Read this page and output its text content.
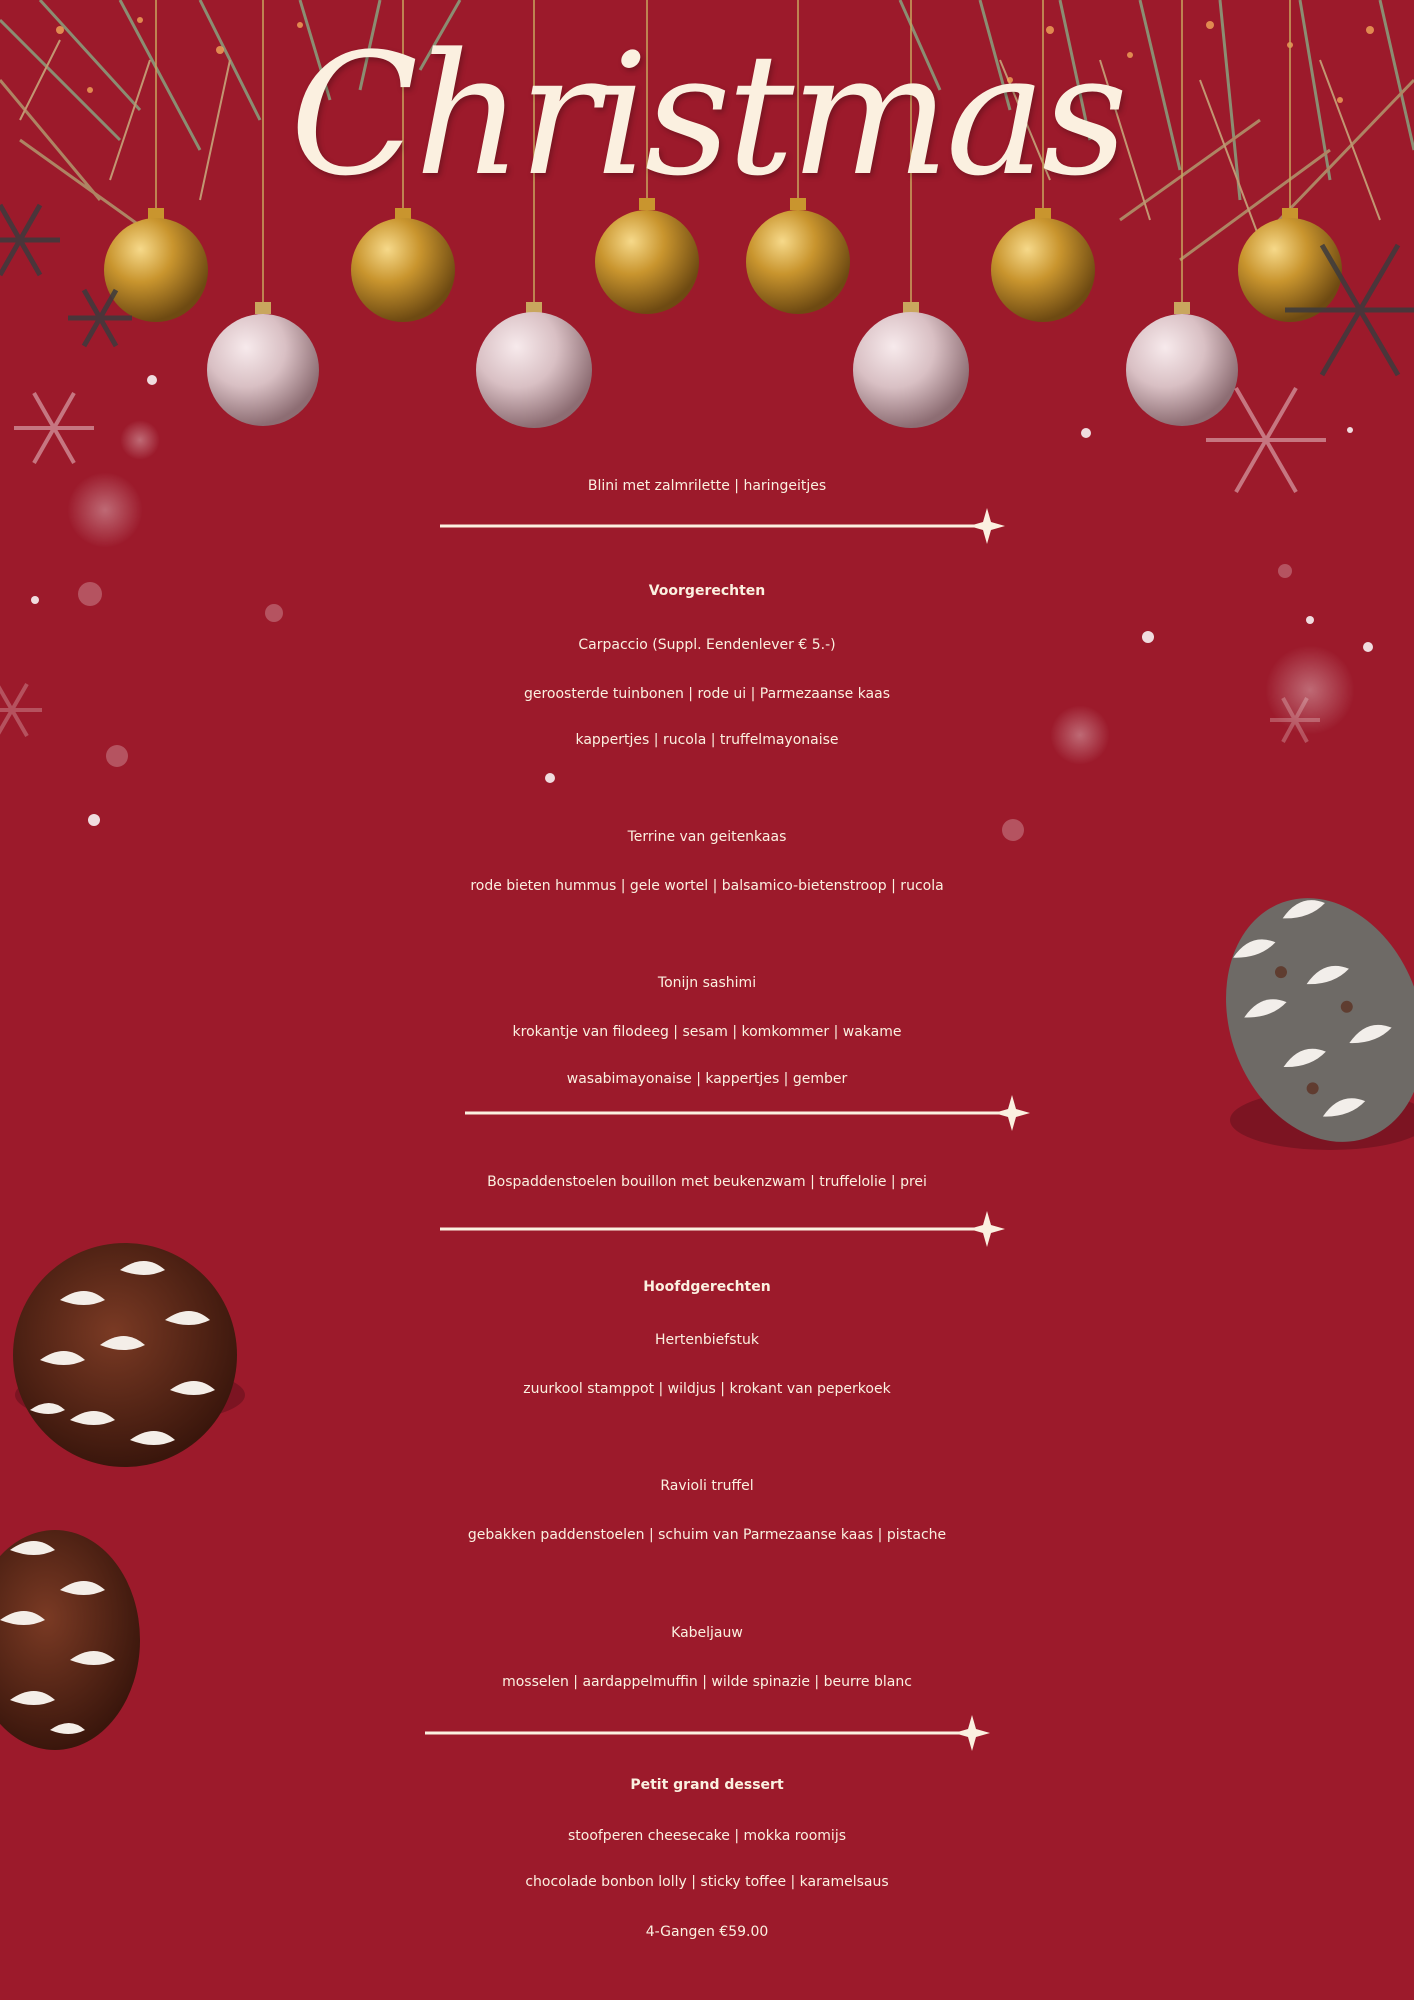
Christmas
Blini met zalmrilette | haringeitjes
Voorgerechten
Carpaccio (Suppl. Eendenlever € 5.-)
geroosterde tuinbonen | rode ui | Parmezaanse kaas
kappertjes | rucola | truffelmayonaise
Terrine van geitenkaas
rode bieten hummus | gele wortel | balsamico-bietenstroop | rucola
Tonijn sashimi
krokantje van filodeeg | sesam | komkommer | wakame
wasabimayonaise | kappertjes | gember
Bospaddenstoelen bouillon met beukenzwam | truffelolie | prei
Hoofdgerechten
Hertenbiefstuk
zuurkool stamppot | wildjus | krokant van peperkoek
Ravioli truffel
gebakken paddenstoelen | schuim van Parmezaanse kaas | pistache
Kabeljauw
mosselen | aardappelmuffin | wilde spinazie | beurre blanc
Petit grand dessert
stoofperen cheesecake | mokka roomijs
chocolade bonbon lolly | sticky toffee | karamelsaus
4-Gangen €59.00
